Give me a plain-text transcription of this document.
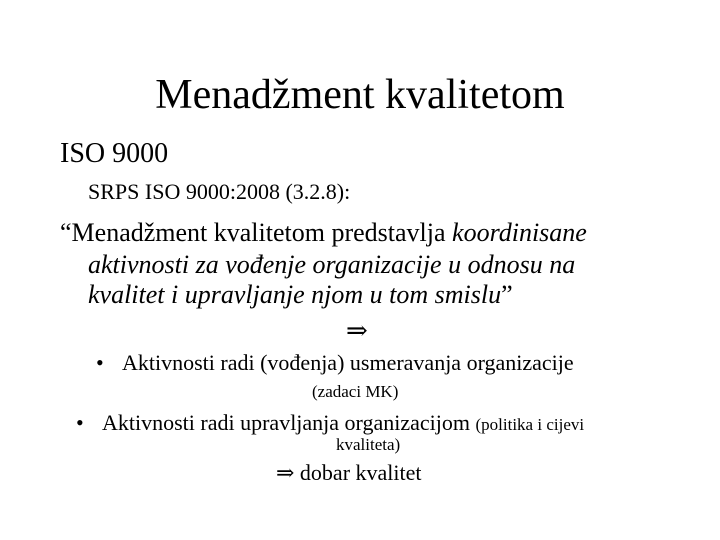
Menadžment kvalitetom
ISO 9000
SRPS ISO 9000:2008 (3.2.8):
“Menadžment kvalitetom predstavlja koordinisane
aktivnosti za vođenje organizacije u odnosu na
kvalitet i upravljanje njom u tom smislu”
⇒
• Aktivnosti radi (vođenja) usmeravanja organizacije
(zadaci MK)
• Aktivnosti radi upravljanja organizacijom (politika i cijevi
kvaliteta)
⇒ dobar kvalitet
